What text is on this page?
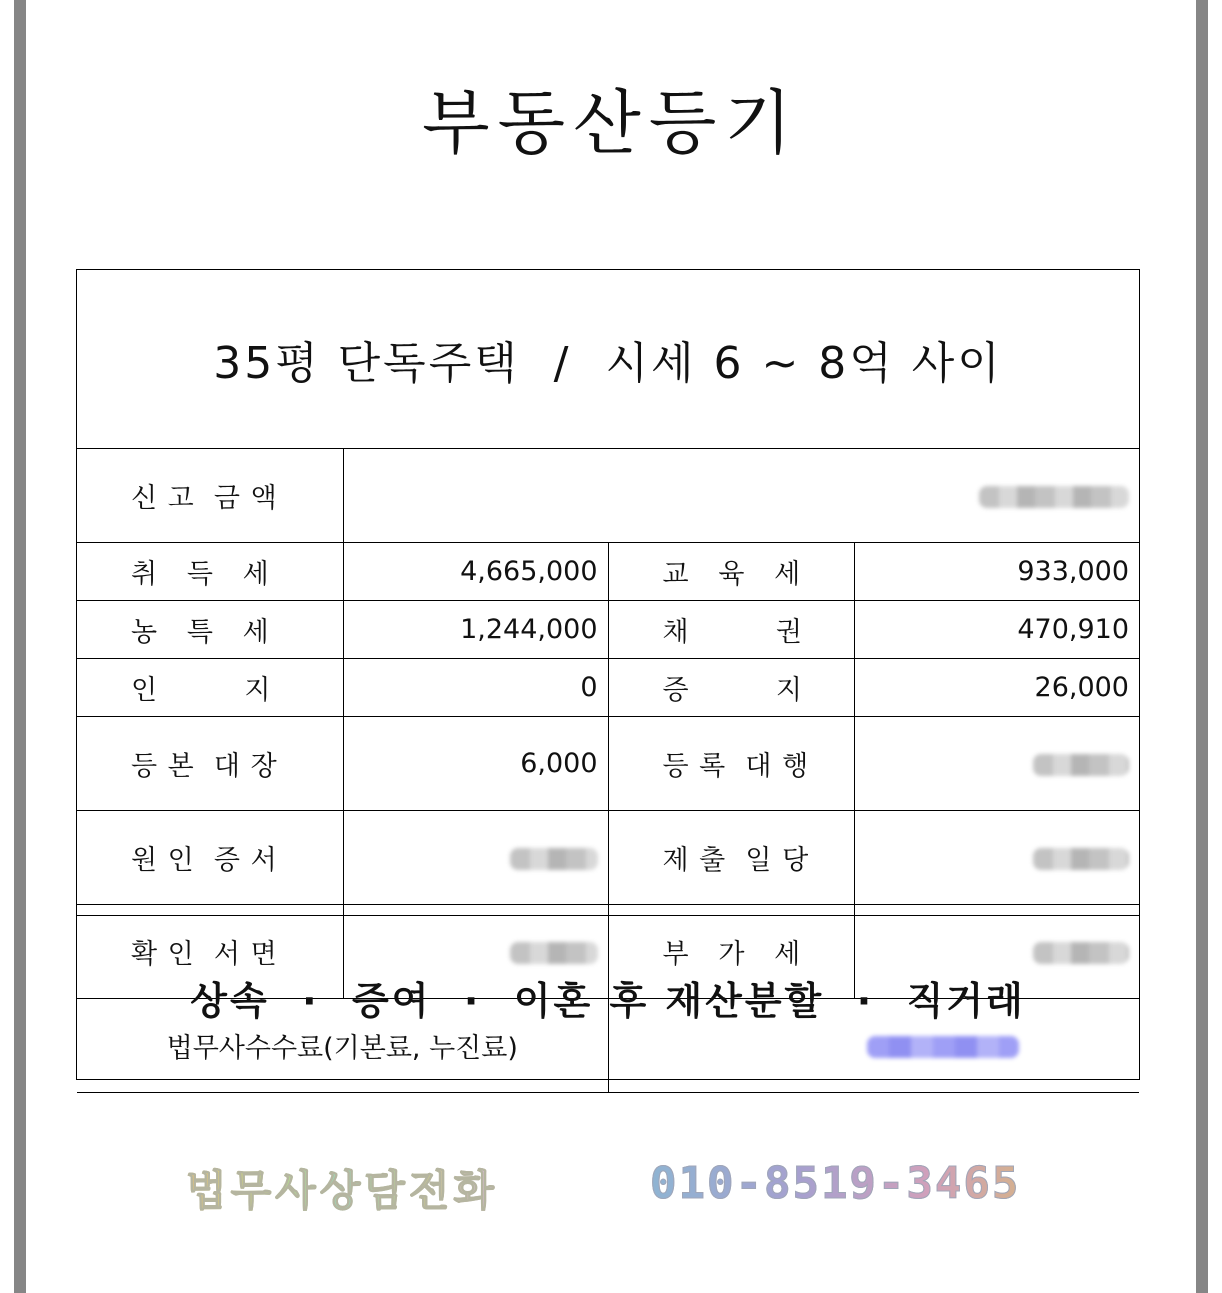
부동산등기
35평 단독주택  /  시세 6 ~ 8억 사이
신 고  금 액			

취   득   세	4,665,000	교   육   세	933,000
농   특   세	1,244,000	채         권	470,910
인         지	0	증         지	26,000
등 본  대 장	6,000	등 록  대 행	

원 인  증 서		제 출  일 당	

확 인  서 면		부   가   세	

법무사수수료(기본료, 누진료)			

상속  ·  증여  ·  이혼 후 재산분할  ·  직거래
법무사상담전화	010-8519-3465
